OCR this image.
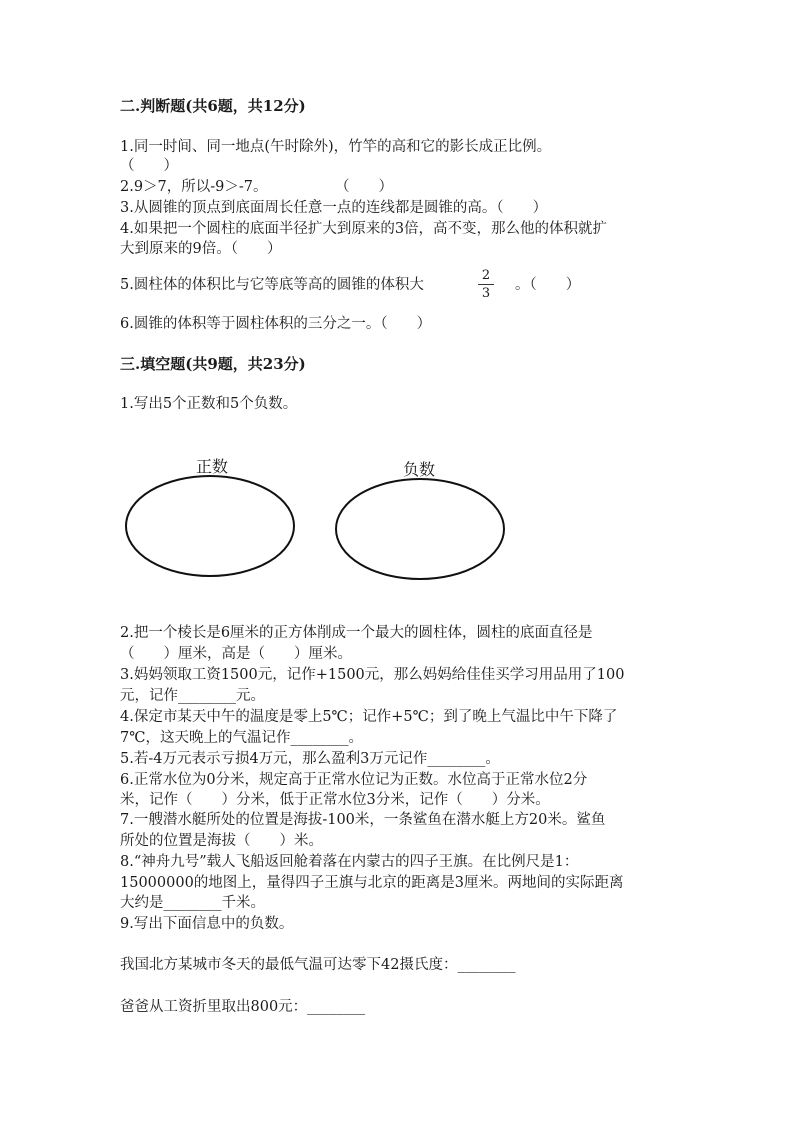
二.判断题(共6题，共12分)
1.同一时间、同一地点(午时除外)，竹竿的高和它的影长成正比例。
（　　）
2.9＞7，所以-9＞-7。	（　　）
3.从圆锥的顶点到底面周长任意一点的连线都是圆锥的高。（　　）
4.如果把一个圆柱的底面半径扩大到原来的3倍，高不变，那么他的体积就扩
大到原来的9倍。（　　）
5.圆柱体的体积比与它等底等高的圆锥的体积大
2
3
。（　　）
6.圆锥的体积等于圆柱体积的三分之一。（　　）
三.填空题(共9题，共23分)
1.写出5个正数和5个负数。
正数	负数
2.把一个棱长是6厘米的正方体削成一个最大的圆柱体，圆柱的底面直径是
（　　）厘米，高是（　　）厘米。
3.妈妈领取工资1500元，记作+1500元，那么妈妈给佳佳买学习用品用了100
元，记作________元。
4.保定市某天中午的温度是零上5℃；记作+5℃；到了晚上气温比中午下降了
7℃，这天晚上的气温记作________。
5.若-4万元表示亏损4万元，那么盈利3万元记作________。
6.正常水位为0分米，规定高于正常水位记为正数。水位高于正常水位2分
米，记作（　　）分米，低于正常水位3分米，记作（　　）分米。
7.一艘潜水艇所处的位置是海拔-100米，一条鲨鱼在潜水艇上方20米。鲨鱼
所处的位置是海拔（　　）米。
8.“神舟九号”载人飞船返回舱着落在内蒙古的四子王旗。在比例尺是1：
15000000的地图上，量得四子王旗与北京的距离是3厘米。两地间的实际距离
大约是________千米。
9.写出下面信息中的负数。
我国北方某城市冬天的最低气温可达零下42摄氏度：________
爸爸从工资折里取出800元：________
